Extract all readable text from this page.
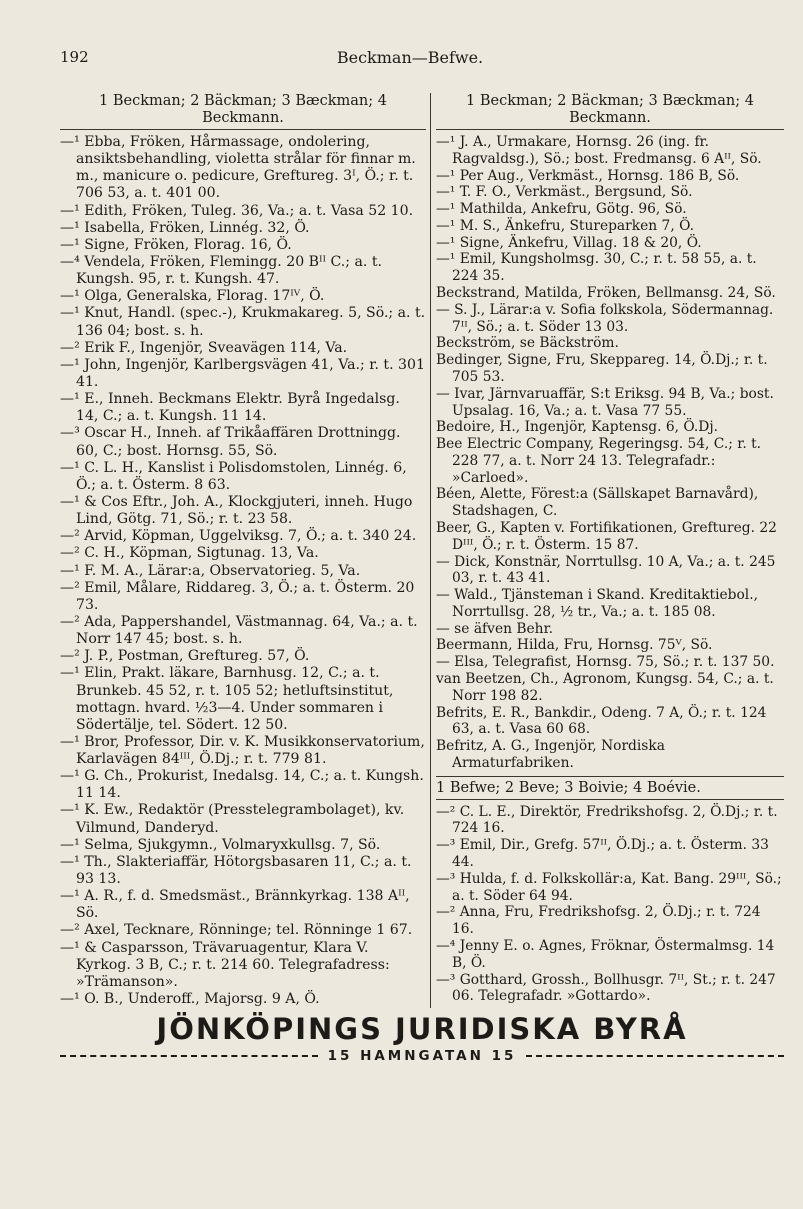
192	Beckman—Befwe.
1 Beckman; 2 Bäckman; 3 Bæckman; 4 Beckmann.
—¹ Ebba, Fröken, Hårmassage, ondolering, ansiktsbehandling, violetta strålar för finnar m. m., manicure o. pedicure, Greftureg. 3ᴵ, Ö.; r. t. 706 53, a. t. 401 00.
—¹ Edith, Fröken, Tuleg. 36, Va.; a. t. Vasa 52 10.
—¹ Isabella, Fröken, Linnég. 32, Ö.
—¹ Signe, Fröken, Florag. 16, Ö.
—⁴ Vendela, Fröken, Flemingg. 20 Bᴵᴵ C.; a. t. Kungsh. 95, r. t. Kungsh. 47.
—¹ Olga, Generalska, Florag. 17ᴵⱽ, Ö.
—¹ Knut, Handl. (spec.-), Krukmakareg. 5, Sö.; a. t. 136 04; bost. s. h.
—² Erik F., Ingenjör, Sveavägen 114, Va.
—¹ John, Ingenjör, Karlbergsvägen 41, Va.; r. t. 301 41.
—¹ E., Inneh. Beckmans Elektr. Byrå Ingedalsg. 14, C.; a. t. Kungsh. 11 14.
—³ Oscar H., Inneh. af Trikåaffären Drottningg. 60, C.; bost. Hornsg. 55, Sö.
—¹ C. L. H., Kanslist i Polisdomstolen, Linnég. 6, Ö.; a. t. Österm. 8 63.
—¹ & Cos Eftr., Joh. A., Klockgjuteri, inneh. Hugo Lind, Götg. 71, Sö.; r. t. 23 58.
—² Arvid, Köpman, Uggelviksg. 7, Ö.; a. t. 340 24.
—² C. H., Köpman, Sigtunag. 13, Va.
—¹ F. M. A., Lärar:a, Observatorieg. 5, Va.
—² Emil, Målare, Riddareg. 3, Ö.; a. t. Österm. 20 73.
—² Ada, Pappershandel, Västmannag. 64, Va.; a. t. Norr 147 45; bost. s. h.
—² J. P., Postman, Greftureg. 57, Ö.
—¹ Elin, Prakt. läkare, Barnhusg. 12, C.; a. t. Brunkeb. 45 52, r. t. 105 52; hetluftsinstitut, mottagn. hvard. ½3—4. Under sommaren i Södertälje, tel. Södert. 12 50.
—¹ Bror, Professor, Dir. v. K. Musikkonservatorium, Karlavägen 84ᴵᴵᴵ, Ö.Dj.; r. t. 779 81.
—¹ G. Ch., Prokurist, Inedalsg. 14, C.; a. t. Kungsh. 11 14.
—¹ K. Ew., Redaktör (Presstelegrambolaget), kv. Vilmund, Danderyd.
—¹ Selma, Sjukgymn., Volmaryxkullsg. 7, Sö.
—¹ Th., Slakteriaffär, Hötorgsbasaren 11, C.; a. t. 93 13.
—¹ A. R., f. d. Smedsmäst., Brännkyrkag. 138 Aᴵᴵ, Sö.
—² Axel, Tecknare, Rönninge; tel. Rönninge 1 67.
—¹ & Casparsson, Trävaruagentur, Klara V. Kyrkog. 3 B, C.; r. t. 214 60. Telegrafadress: »Trämanson».
—¹ O. B., Underoff., Majorsg. 9 A, Ö.
1 Beckman; 2 Bäckman; 3 Bæckman; 4 Beckmann.
—¹ J. A., Urmakare, Hornsg. 26 (ing. fr. Ragvaldsg.), Sö.; bost. Fredmansg. 6 Aᴵᴵ, Sö.
—¹ Per Aug., Verkmäst., Hornsg. 186 B, Sö.
—¹ T. F. O., Verkmäst., Bergsund, Sö.
—¹ Mathilda, Ankefru, Götg. 96, Sö.
—¹ M. S., Änkefru, Stureparken 7, Ö.
—¹ Signe, Änkefru, Villag. 18 & 20, Ö.
—¹ Emil, Kungsholmsg. 30, C.; r. t. 58 55, a. t. 224 35.
Beckstrand, Matilda, Fröken, Bellmansg. 24, Sö.
— S. J., Lärar:a v. Sofia folkskola, Södermannag. 7ᴵᴵ, Sö.; a. t. Söder 13 03.
Beckström, se Bäckström.
Bedinger, Signe, Fru, Skeppareg. 14, Ö.Dj.; r. t. 705 53.
— Ivar, Järnvaruaffär, S:t Eriksg. 94 B, Va.; bost. Upsalag. 16, Va.; a. t. Vasa 77 55.
Bedoire, H., Ingenjör, Kaptensg. 6, Ö.Dj.
Bee Electric Company, Regeringsg. 54, C.; r. t. 228 77, a. t. Norr 24 13. Telegrafadr.: »Carloed».
Béen, Alette, Förest:a (Sällskapet Barnavård), Stadshagen, C.
Beer, G., Kapten v. Fortifikationen, Greftureg. 22 Dᴵᴵᴵ, Ö.; r. t. Österm. 15 87.
— Dick, Konstnär, Norrtullsg. 10 A, Va.; a. t. 245 03, r. t. 43 41.
— Wald., Tjänsteman i Skand. Kreditaktiebol., Norrtullsg. 28, ½ tr., Va.; a. t. 185 08.
— se äfven Behr.
Beermann, Hilda, Fru, Hornsg. 75ⱽ, Sö.
— Elsa, Telegrafist, Hornsg. 75, Sö.; r. t. 137 50.
van Beetzen, Ch., Agronom, Kungsg. 54, C.; a. t. Norr 198 82.
Befrits, E. R., Bankdir., Odeng. 7 A, Ö.; r. t. 124 63, a. t. Vasa 60 68.
Befritz, A. G., Ingenjör, Nordiska Armaturfabriken.
1 Befwe; 2 Beve; 3 Boivie; 4 Boévie.
—² C. L. E., Direktör, Fredrikshofsg. 2, Ö.Dj.; r. t. 724 16.
—³ Emil, Dir., Grefg. 57ᴵᴵ, Ö.Dj.; a. t. Österm. 33 44.
—³ Hulda, f. d. Folkskollär:a, Kat. Bang. 29ᴵᴵᴵ, Sö.; a. t. Söder 64 94.
—² Anna, Fru, Fredrikshofsg. 2, Ö.Dj.; r. t. 724 16.
—⁴ Jenny E. o. Agnes, Fröknar, Östermalmsg. 14 B, Ö.
—³ Gotthard, Grossh., Bollhusgr. 7ᴵᴵ, St.; r. t. 247 06. Telegrafadr. »Gottardo».
JÖNKÖPINGS JURIDISKA BYRÅ
15 HAMNGATAN 15
